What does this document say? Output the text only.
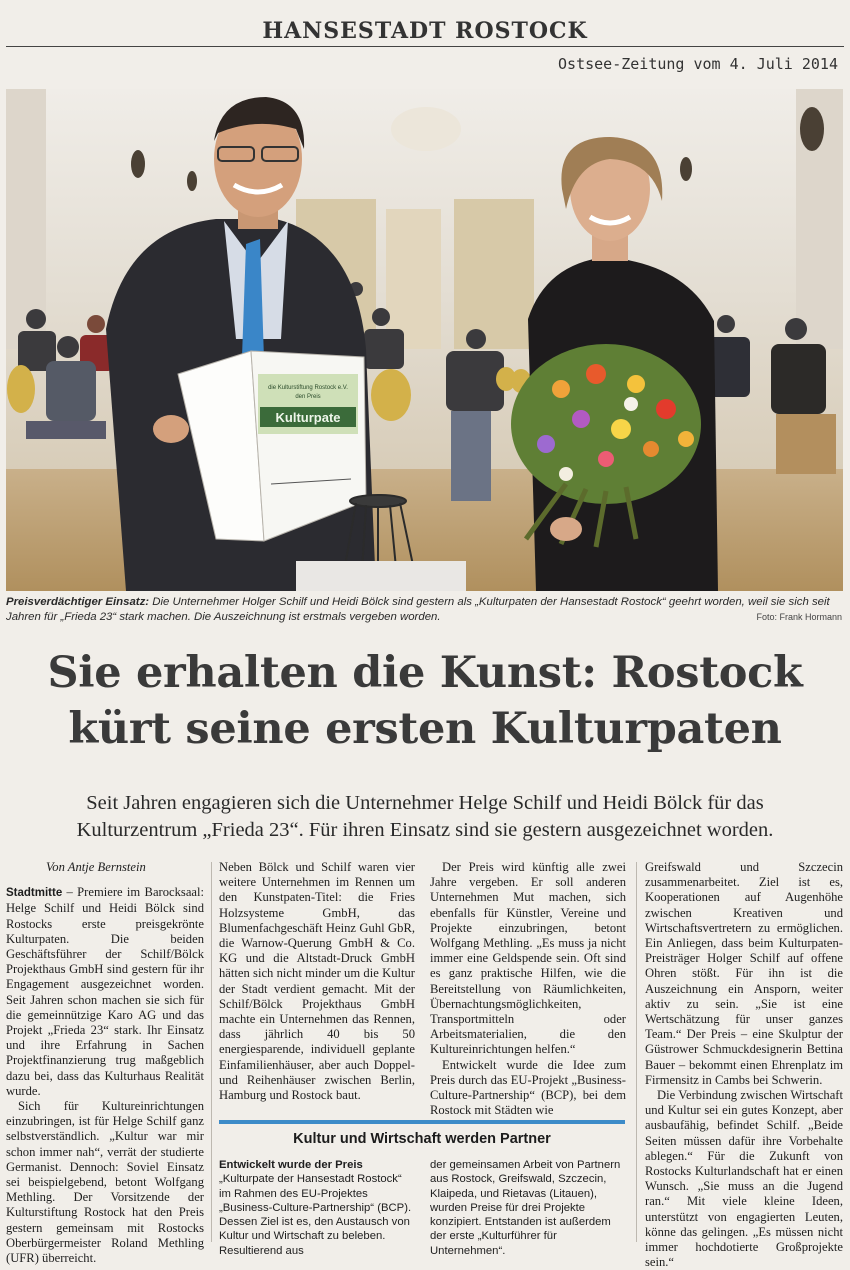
HANSESTADT ROSTOCK
Ostsee-Zeitung vom 4. Juli 2014
Kulturpate
die Kulturstiftung Rostock e.V.
den Preis
Preisverdächtiger Einsatz: Die Unternehmer Holger Schilf und Heidi Bölck sind gestern als „Kulturpaten der Hansestadt Rostock“ geehrt worden, weil sie sich seit Jahren für „Frieda 23“ stark machen. Die Auszeichnung ist erstmals vergeben worden.	Foto: Frank Hormann
Sie erhalten die Kunst: Rostock
kürt seine ersten Kulturpaten
Seit Jahren engagieren sich die Unternehmer Helge Schilf und Heidi Bölck für das Kulturzentrum „Frieda 23“. Für ihren Einsatz sind sie gestern ausgezeichnet worden.

Von Antje Bernstein

Stadtmitte – Premiere im Barocksaal: Helge Schilf und Heidi Bölck sind Rostocks erste preisgekrönte Kulturpaten. Die beiden Geschäftsführer der Schilf/Bölck Projekthaus GmbH sind gestern für ihr Engagement ausgezeichnet worden. Seit Jahren schon machen sie sich für die gemeinnützige Karo AG und das Projekt „Frieda 23“ stark. Ihr Einsatz und ihre Erfahrung in Sachen Projektfinanzierung trug maßgeblich dazu bei, dass das Kulturhaus Realität wurde.

Sich für Kultureinrichtungen einzubringen, ist für Helge Schilf ganz selbstverständlich. „Kultur war mir schon immer nah“, verrät der studierte Germanist. Dennoch: Soviel Einsatz sei beispielgebend, betont Wolfgang Methling. Der Vorsitzende der Kulturstiftung Rostock hat den Preis gestern gemeinsam mit Rostocks Oberbürgermeister Roland Methling (UFR) überreicht.

Neben Bölck und Schilf waren vier weitere Unternehmen im Rennen um den Kunstpaten-Titel: die Fries Holzsysteme GmbH, das Blumenfachgeschäft Heinz Guhl GbR, die Warnow-Querung GmbH & Co. KG und die Altstadt-Druck GmbH hätten sich nicht minder um die Kultur der Stadt verdient gemacht. Mit der Schilf/Bölck Projekthaus GmbH machte ein Unternehmen das Rennen, dass jährlich 40 bis 50 energiesparende, individuell geplante Einfamilienhäuser, aber auch Doppel- und Reihenhäuser zwischen Berlin, Hamburg und Rostock baut.

Der Preis wird künftig alle zwei Jahre vergeben. Er soll anderen Unternehmen Mut machen, sich ebenfalls für Künstler, Vereine und Projekte einzubringen, betont Wolfgang Methling. „Es muss ja nicht immer eine Geldspende sein. Oft sind es ganz praktische Hilfen, wie die Bereitstellung von Räumlichkeiten, Übernachtungsmöglichkeiten, Transportmitteln oder Arbeitsmaterialien, die den Kultureinrichtungen helfen.“

Entwickelt wurde die Idee zum Preis durch das EU-Projekt „Business-Culture-Partnership“ (BCP), bei dem Rostock mit Städten wie

Greifswald und Szczecin zusammenarbeitet. Ziel ist es, Kooperationen auf Augenhöhe zwischen Kreativen und Wirtschaftsvertretern zu ermöglichen. Ein Anliegen, dass beim Kulturpaten-Preisträger Holger Schilf auf offene Ohren stößt. Für ihn ist die Auszeichnung ein Ansporn, weiter aktiv zu sein. „Sie ist eine Wertschätzung für unser ganzes Team.“ Der Preis – eine Skulptur der Güstrower Schmuckdesignerin Bettina Bauer – bekommt einen Ehrenplatz im Firmensitz in Cambs bei Schwerin.

Die Verbindung zwischen Wirtschaft und Kultur sei ein gutes Konzept, aber ausbaufähig, befindet Schilf. „Beide Seiten müssen dafür ihre Vorbehalte ablegen.“ Für die Zukunft von Rostocks Kulturlandschaft hat er einen Wunsch. „Sie muss an die Jugend ran.“ Mit viele kleine Ideen, unterstützt von engagierten Leuten, könne das gelingen. „Es müssen nicht immer hochdotierte Großprojekte sein.“

Kultur und Wirtschaft werden Partner

Entwickelt wurde der Preis „Kulturpate der Hansestadt Rostock“ im Rahmen des EU-Projektes „Business-Culture-Partnership“ (BCP). Dessen Ziel ist es, den Austausch von Kultur und Wirtschaft zu beleben. Resultierend aus

der gemeinsamen Arbeit von Partnern aus Rostock, Greifswald, Szczecin, Klaipeda, und Rietavas (Litauen), wurden Preise für drei Projekte konzipiert. Entstanden ist außerdem der erste „Kulturführer für Unternehmen“.
